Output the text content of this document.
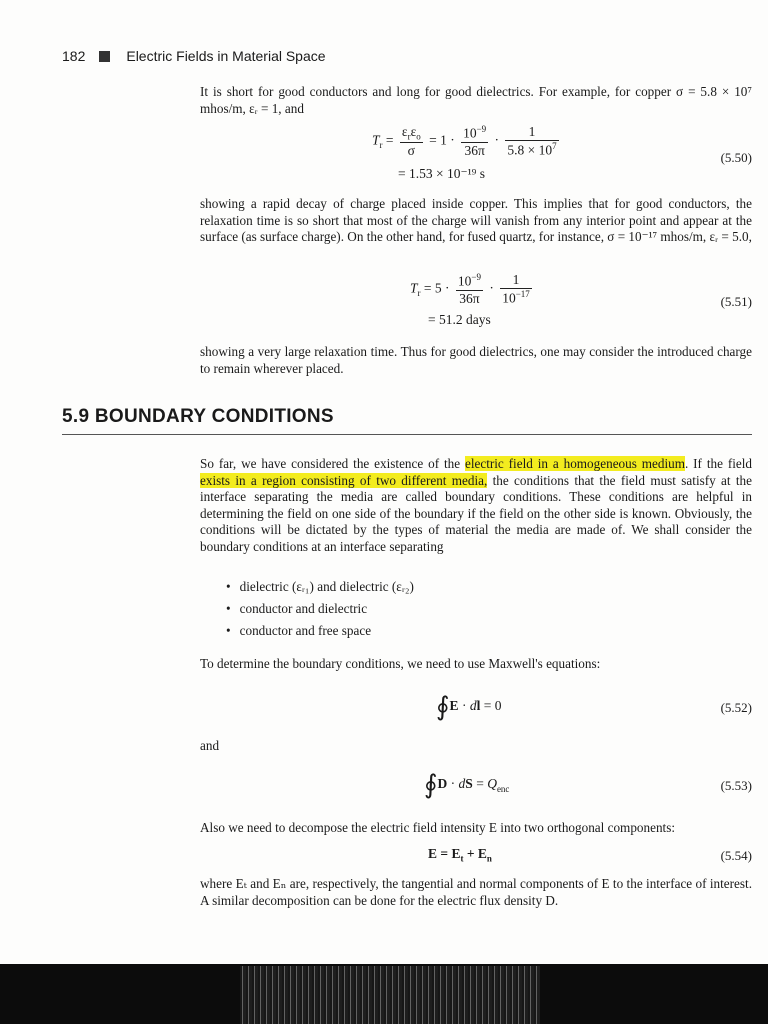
182	Electric Fields in Material Space
It is short for good conductors and long for good dielectrics. For example, for copper σ = 5.8 × 10⁷ mhos/m, εᵣ = 1, and
$T_r = \frac{\varepsilon_r\varepsilon_o}{\sigma} = 1 \cdot \frac{10^{-9}}{36\pi} \cdot \frac{1}{5.8 \times 10^7}$
= 1.53 × 10⁻¹⁹ s
(5.50)
showing a rapid decay of charge placed inside copper. This implies that for good conductors, the relaxation time is so short that most of the charge will vanish from any interior point and appear at the surface (as surface charge). On the other hand, for fused quartz, for instance, σ = 10⁻¹⁷ mhos/m, εᵣ = 5.0,
$T_r = 5 \cdot \frac{10^{-9}}{36\pi} \cdot \frac{1}{10^{-17}}$
= 51.2 days
(5.51)
showing a very large relaxation time. Thus for good dielectrics, one may consider the introduced charge to remain wherever placed.
5.9 BOUNDARY CONDITIONS
So far, we have considered the existence of the electric field in a homogeneous medium. If the field exists in a region consisting of two different media, the conditions that the field must satisfy at the interface separating the media are called boundary conditions. These conditions are helpful in determining the field on one side of the boundary if the field on the other side is known. Obviously, the conditions will be dictated by the types of material the media are made of. We shall consider the boundary conditions at an interface separating
• dielectric (εᵣ₁) and dielectric (εᵣ₂)
• conductor and dielectric
• conductor and free space
To determine the boundary conditions, we need to use Maxwell's equations:
∮E · dl = 0	(5.52)
and
∮D · dS = $Q_{enc}$	(5.53)
Also we need to decompose the electric field intensity E into two orthogonal components:
$E = E_t + E_n$	(5.54)
where Eₜ and Eₙ are, respectively, the tangential and normal components of E to the interface of interest. A similar decomposition can be done for the electric flux density D.
